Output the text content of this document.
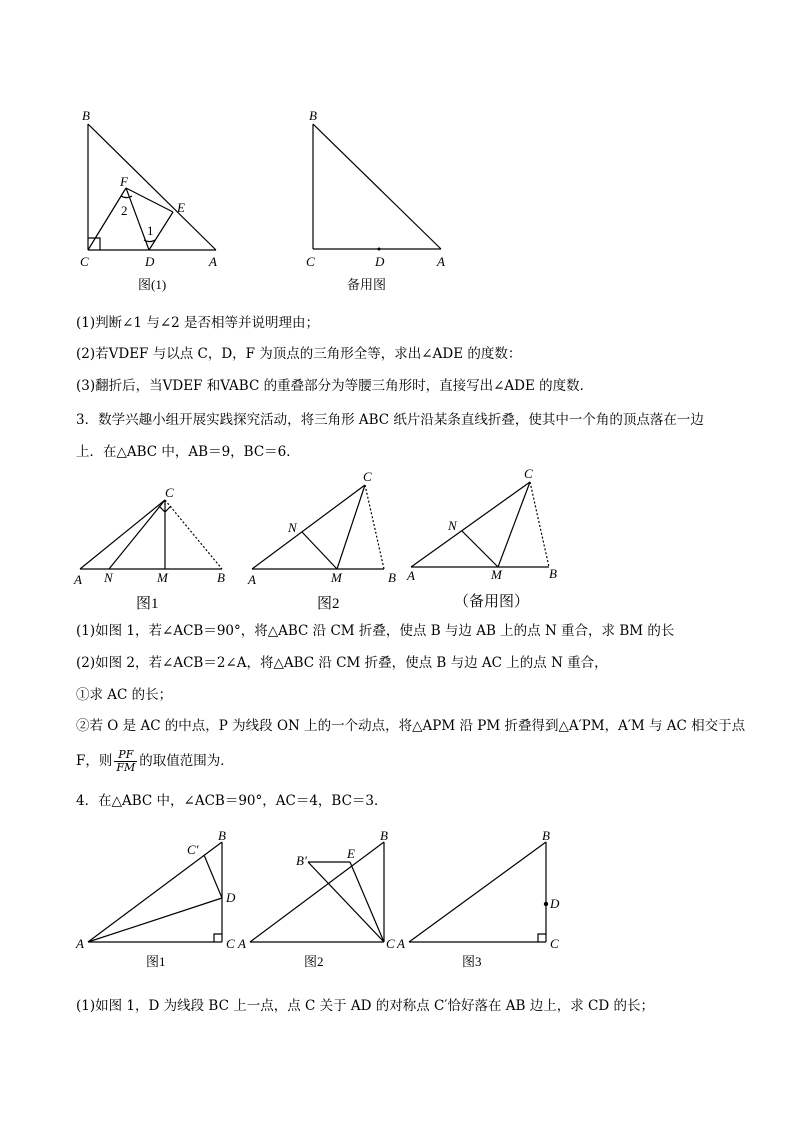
B
F
E
2
1
C	D	A
图(1)
B
C	D	A
备用图
(1)判断∠1 与∠2 是否相等并说明理由；
(2)若VDEF 与以点 C，D，F 为顶点的三角形全等，求出∠ADE 的度数：
(3)翻折后，当VDEF 和VABC 的重叠部分为等腰三角形时，直接写出∠ADE 的度数．
3．数学兴趣小组开展实践探究活动，将三角形 ABC 纸片沿某条直线折叠，使其中一个角的顶点落在一边
上．在△ABC 中，AB＝9，BC＝6．
C
A N	M	B
图1
C
N
A	M	B
图2
C
N
A	M	B
（备用图）
(1)如图 1，若∠ACB＝90°，将△ABC 沿 CM 折叠，使点 B 与边 AB 上的点 N 重合，求 BM 的长
(2)如图 2，若∠ACB＝2∠A，将△ABC 沿 CM 折叠，使点 B 与边 AC 上的点 N 重合，
①求 AC 的长；
②若 O 是 AC 的中点，P 为线段 ON 上的一个动点，将△APM 沿 PM 折叠得到△A′PM，A′M 与 AC 相交于点
F，则 $\frac{PF}{FM}$ 的取值范围为．
4．在△ABC 中，∠ACB＝90°，AC＝4，BC＝3．
B
C′
D
A	C
图1
B
B′	E
A	C
图2
B
D
A	C
图3
(1)如图 1，D 为线段 BC 上一点，点 C 关于 AD 的对称点 C′恰好落在 AB 边上，求 CD 的长；
